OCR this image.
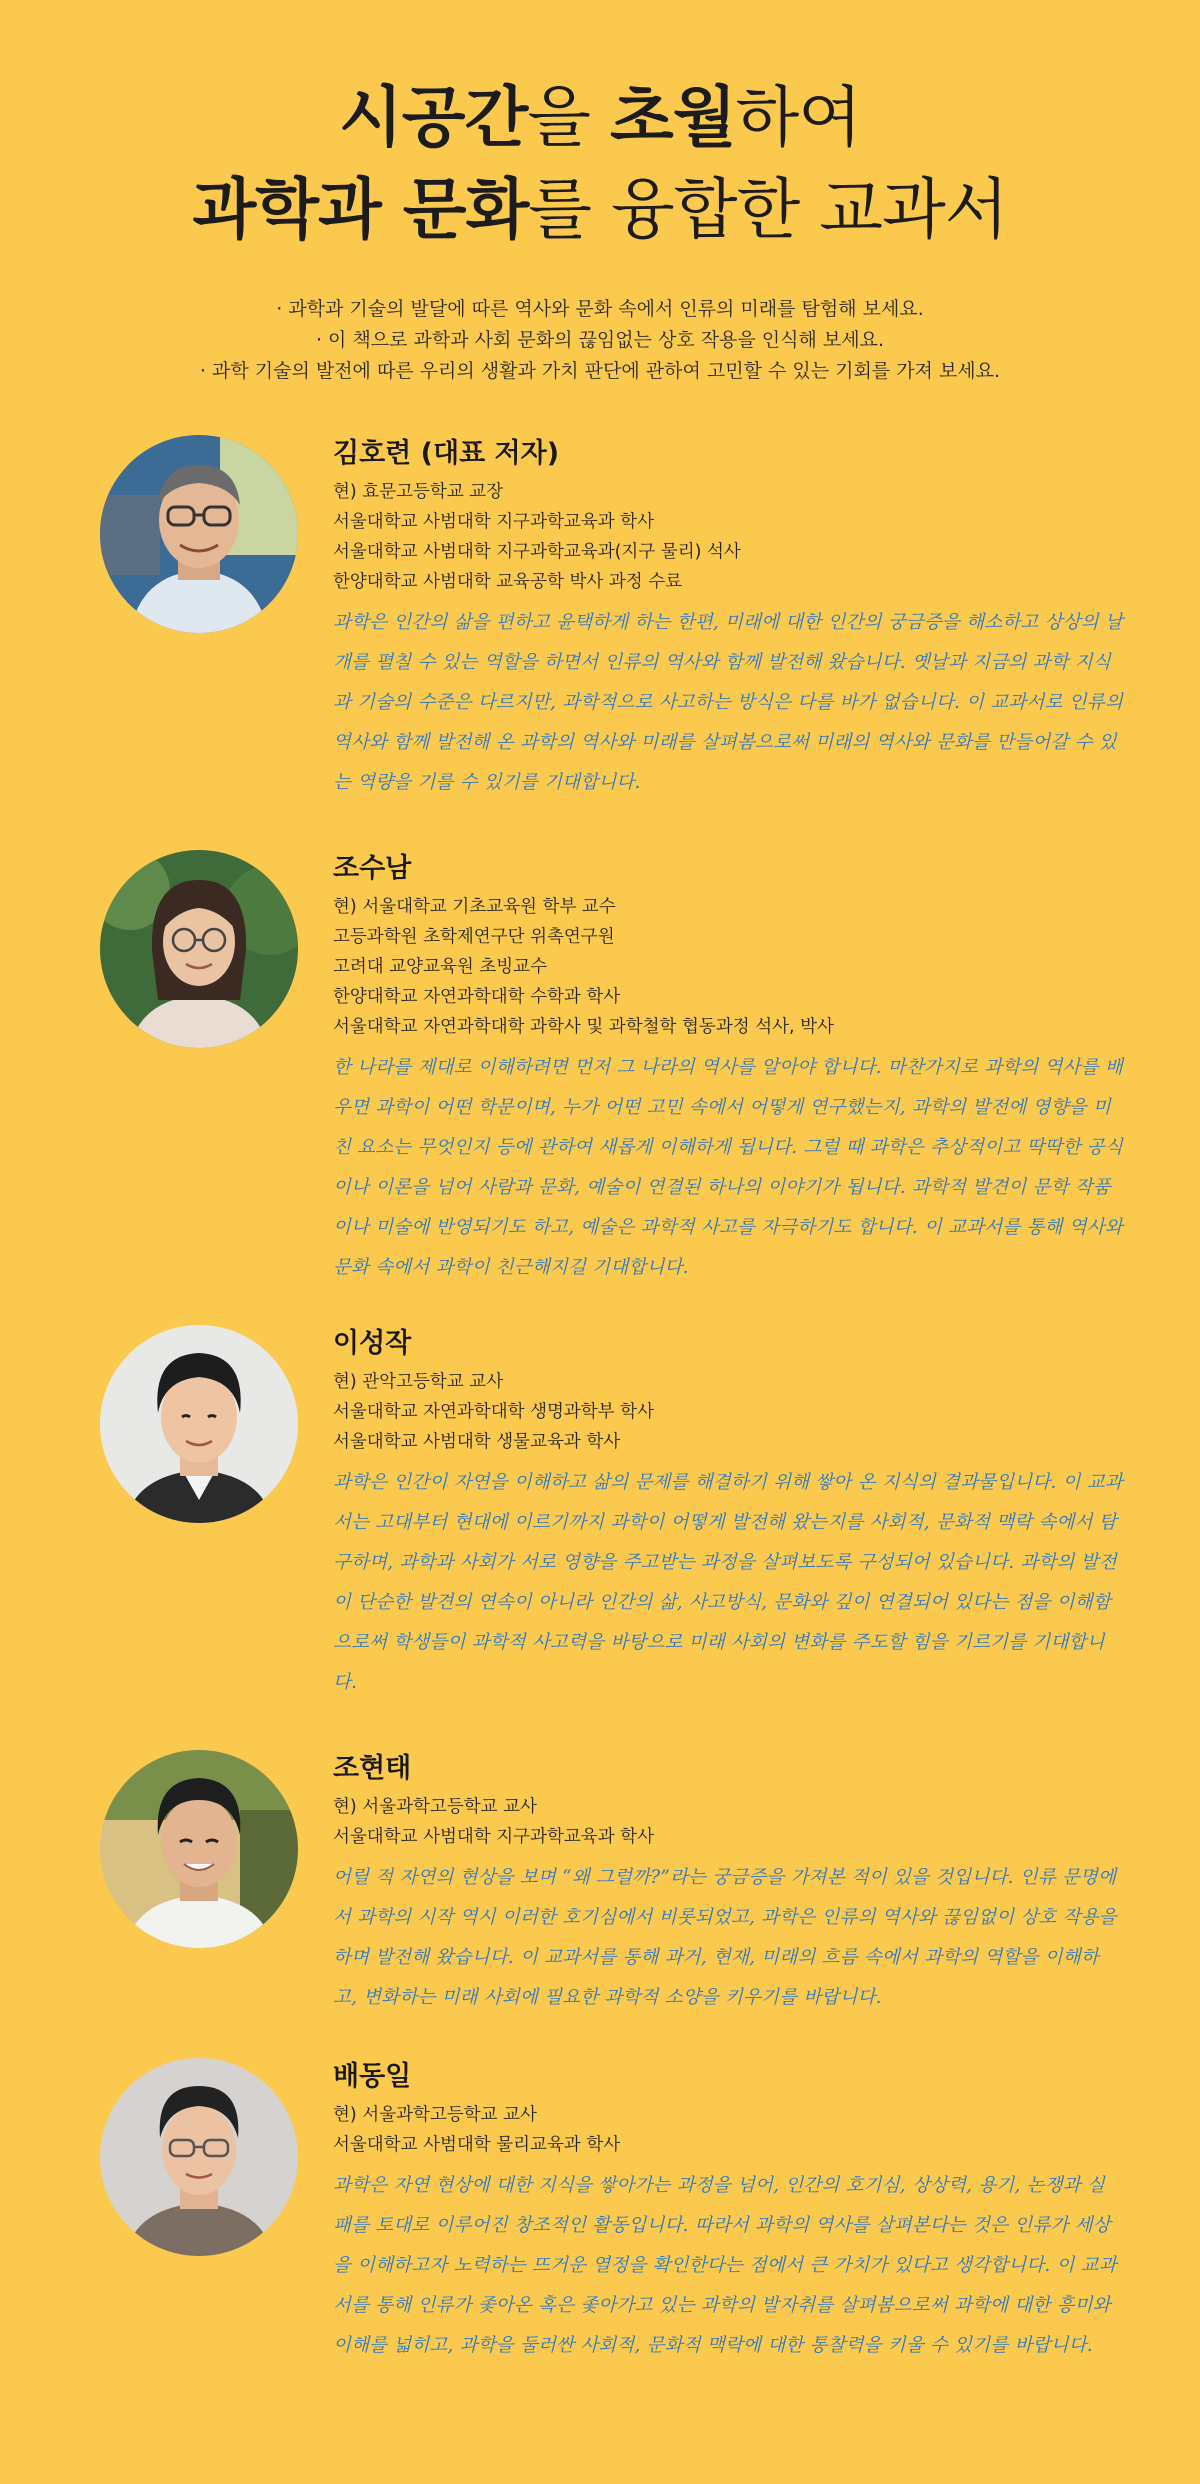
시공간을 초월하여

과학과 문화를 융합한 교과서

· 과학과 기술의 발달에 따른 역사와 문화 속에서 인류의 미래를 탐험해 보세요.
· 이 책으로 과학과 사회 문화의 끊임없는 상호 작용을 인식해 보세요.
· 과학 기술의 발전에 따른 우리의 생활과 가치 판단에 관하여 고민할 수 있는 기회를 가져 보세요.

김호련 (대표 저자)

현) 효문고등학교 교장

서울대학교 사범대학 지구과학교육과 학사

서울대학교 사범대학 지구과학교육과(지구 물리) 석사

한양대학교 사범대학 교육공학 박사 과정 수료

과학은 인간의 삶을 편하고 윤택하게 하는 한편, 미래에 대한 인간의 궁금증을 해소하고 상상의 날개를 펼칠 수 있는 역할을 하면서 인류의 역사와 함께 발전해 왔습니다. 옛날과 지금의 과학 지식과 기술의 수준은 다르지만, 과학적으로 사고하는 방식은 다를 바가 없습니다. 이 교과서로 인류의 역사와 함께 발전해 온 과학의 역사와 미래를 살펴봄으로써 미래의 역사와 문화를 만들어갈 수 있는 역량을 기를 수 있기를 기대합니다.

조수남

현) 서울대학교 기초교육원 학부 교수

고등과학원 초학제연구단 위촉연구원

고려대 교양교육원 초빙교수

한양대학교 자연과학대학 수학과 학사

서울대학교 자연과학대학 과학사 및 과학철학 협동과정 석사, 박사

한 나라를 제대로 이해하려면 먼저 그 나라의 역사를 알아야 합니다. 마찬가지로 과학의 역사를 배우면 과학이 어떤 학문이며, 누가 어떤 고민 속에서 어떻게 연구했는지, 과학의 발전에 영향을 미친 요소는 무엇인지 등에 관하여 새롭게 이해하게 됩니다. 그럴 때 과학은 추상적이고 딱딱한 공식이나 이론을 넘어 사람과 문화, 예술이 연결된 하나의 이야기가 됩니다. 과학적 발견이 문학 작품이나 미술에 반영되기도 하고, 예술은 과학적 사고를 자극하기도 합니다. 이 교과서를 통해 역사와 문화 속에서 과학이 친근해지길 기대합니다.

이성작

현) 관악고등학교 교사

서울대학교 자연과학대학 생명과학부 학사

서울대학교 사범대학 생물교육과 학사

과학은 인간이 자연을 이해하고 삶의 문제를 해결하기 위해 쌓아 온 지식의 결과물입니다. 이 교과서는 고대부터 현대에 이르기까지 과학이 어떻게 발전해 왔는지를 사회적, 문화적 맥락 속에서 탐구하며, 과학과 사회가 서로 영향을 주고받는 과정을 살펴보도록 구성되어 있습니다. 과학의 발전이 단순한 발견의 연속이 아니라 인간의 삶, 사고방식, 문화와 깊이 연결되어 있다는 점을 이해함으로써 학생들이 과학적 사고력을 바탕으로 미래 사회의 변화를 주도할 힘을 기르기를 기대합니다.

조현태

현) 서울과학고등학교 교사

서울대학교 사범대학 지구과학교육과 학사

어릴 적 자연의 현상을 보며 “왜 그럴까?”라는 궁금증을 가져본 적이 있을 것입니다. 인류 문명에서 과학의 시작 역시 이러한 호기심에서 비롯되었고, 과학은 인류의 역사와 끊임없이 상호 작용을 하며 발전해 왔습니다. 이 교과서를 통해 과거, 현재, 미래의 흐름 속에서 과학의 역할을 이해하고, 변화하는 미래 사회에 필요한 과학적 소양을 키우기를 바랍니다.

배동일

현) 서울과학고등학교 교사

서울대학교 사범대학 물리교육과 학사

과학은 자연 현상에 대한 지식을 쌓아가는 과정을 넘어, 인간의 호기심, 상상력, 용기, 논쟁과 실패를 토대로 이루어진 창조적인 활동입니다. 따라서 과학의 역사를 살펴본다는 것은 인류가 세상을 이해하고자 노력하는 뜨거운 열정을 확인한다는 점에서 큰 가치가 있다고 생각합니다. 이 교과서를 통해 인류가 좇아온 혹은 좇아가고 있는 과학의 발자취를 살펴봄으로써 과학에 대한 흥미와 이해를 넓히고, 과학을 둘러싼 사회적, 문화적 맥락에 대한 통찰력을 키울 수 있기를 바랍니다.
